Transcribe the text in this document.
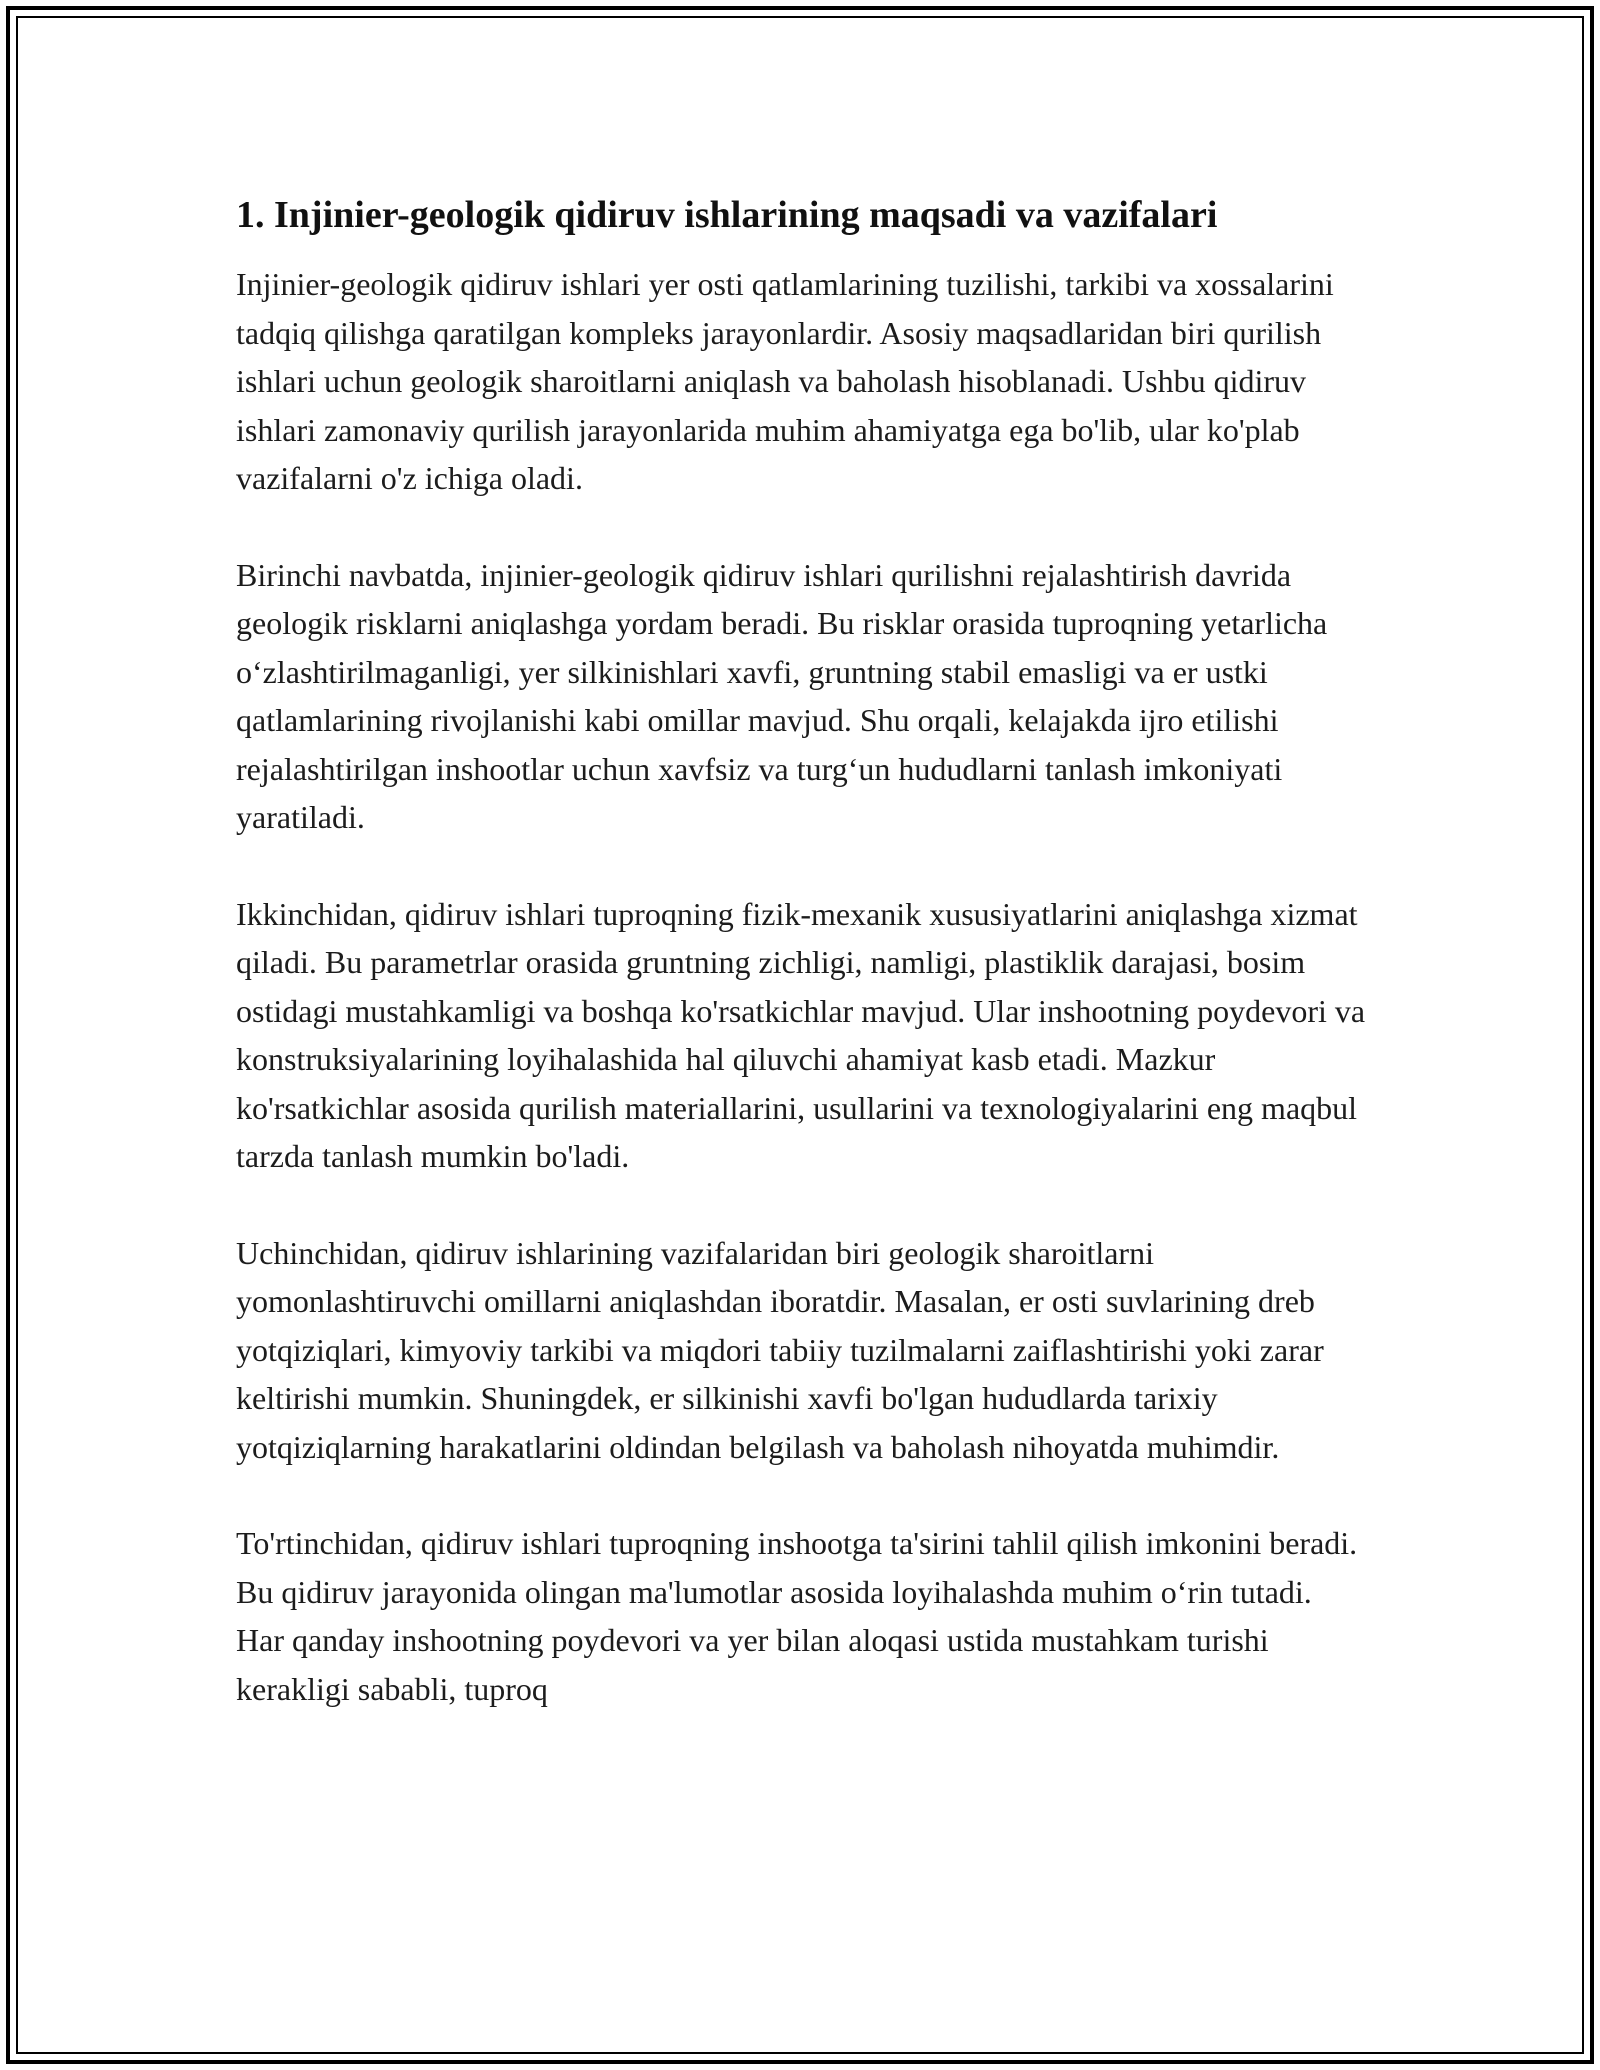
1. Injinier-geologik qidiruv ishlarining maqsadi va vazifalari

Injinier-geologik qidiruv ishlari yer osti qatlamlarining tuzilishi, tarkibi va xossalarini tadqiq qilishga qaratilgan kompleks jarayonlardir. Asosiy maqsadlaridan biri qurilish ishlari uchun geologik sharoitlarni aniqlash va baholash hisoblanadi. Ushbu qidiruv ishlari zamonaviy qurilish jarayonlarida muhim ahamiyatga ega bo'lib, ular ko'plab vazifalarni o'z ichiga oladi.

Birinchi navbatda, injinier-geologik qidiruv ishlari qurilishni rejalashtirish davrida geologik risklarni aniqlashga yordam beradi. Bu risklar orasida tuproqning yetarlicha o‘zlashtirilmaganligi, yer silkinishlari xavfi, gruntning stabil emasligi va er ustki qatlamlarining rivojlanishi kabi omillar mavjud. Shu orqali, kelajakda ijro etilishi rejalashtirilgan inshootlar uchun xavfsiz va turg‘un hududlarni tanlash imkoniyati yaratiladi.

Ikkinchidan, qidiruv ishlari tuproqning fizik-mexanik xususiyatlarini aniqlashga xizmat qiladi. Bu parametrlar orasida gruntning zichligi, namligi, plastiklik darajasi, bosim ostidagi mustahkamligi va boshqa ko'rsatkichlar mavjud. Ular inshootning poydevori va konstruksiyalarining loyihalashida hal qiluvchi ahamiyat kasb etadi. Mazkur ko'rsatkichlar asosida qurilish materiallarini, usullarini va texnologiyalarini eng maqbul tarzda tanlash mumkin bo'ladi.

Uchinchidan, qidiruv ishlarining vazifalaridan biri geologik sharoitlarni yomonlashtiruvchi omillarni aniqlashdan iboratdir. Masalan, er osti suvlarining dreb yotqiziqlari, kimyoviy tarkibi va miqdori tabiiy tuzilmalarni zaiflashtirishi yoki zarar keltirishi mumkin. Shuningdek, er silkinishi xavfi bo'lgan hududlarda tarixiy yotqiziqlarning harakatlarini oldindan belgilash va baholash nihoyatda muhimdir.

To'rtinchidan, qidiruv ishlari tuproqning inshootga ta'sirini tahlil qilish imkonini beradi. Bu qidiruv jarayonida olingan ma'lumotlar asosida loyihalashda muhim o‘rin tutadi. Har qanday inshootning poydevori va yer bilan aloqasi ustida mustahkam turishi kerakligi sababli, tuproq
